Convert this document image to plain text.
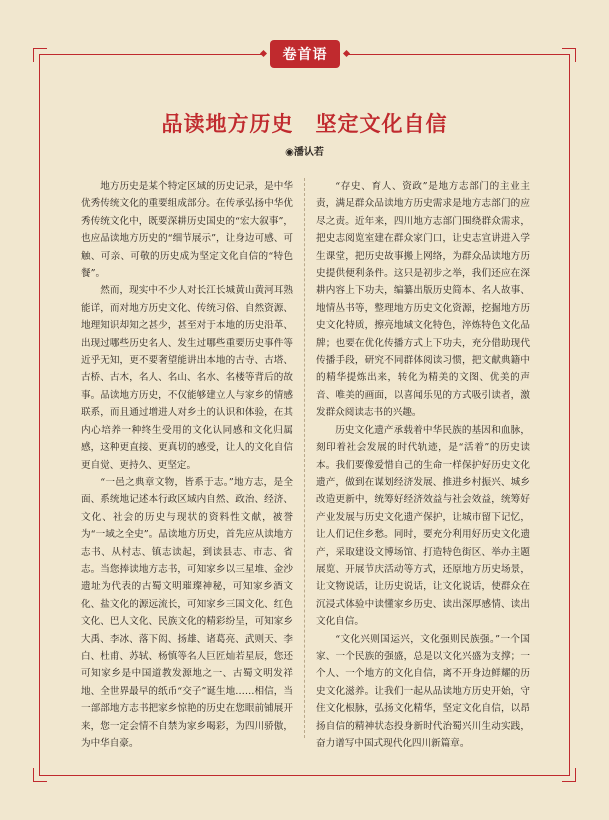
卷首语
品读地方历史　坚定文化自信
◉潘认若

地方历史是某个特定区域的历史记录，是中华优秀传统文化的重要组成部分。在传承弘扬中华优秀传统文化中，既要深耕历史国史的“宏大叙事”，也应品读地方历史的“细节展示”，让身边可感、可触、可亲、可敬的历史成为坚定文化自信的“特色餐”。

然而，现实中不少人对长江长城黄山黄河耳熟能详，而对地方历史文化、传统习俗、自然资源、地理知识却知之甚少，甚至对于本地的历史沿革、出现过哪些历史名人、发生过哪些重要历史事件等近乎无知，更不要奢望能讲出本地的古寺、古塔、古桥、古木，名人、名山、名水、名楼等背后的故事。品读地方历史，不仅能够建立人与家乡的情感联系，而且通过增进人对乡土的认识和体验，在其内心培养一种终生受用的文化认同感和文化归属感，这种更直接、更真切的感受，让人的文化自信更自觉、更持久、更坚定。

“一邑之典章文物，皆系于志。”地方志，是全面、系统地记述本行政区域内自然、政治、经济、文化、社会的历史与现状的资料性文献，被誉为“一域之全史”。品读地方历史，首先应从读地方志书、从村志、镇志读起，到读县志、市志、省志。当您捧读地方志书，可知家乡以三星堆、金沙遗址为代表的古蜀文明璀璨神秘，可知家乡酒文化、盐文化的源远流长，可知家乡三国文化、红色文化、巴人文化、民族文化的精彩纷呈，可知家乡大禹、李冰、落下闳、扬雄、诸葛亮、武则天、李白、杜甫、苏轼、杨慎等名人巨匠灿若星辰，您还可知家乡是中国道教发源地之一、古蜀文明发祥地、全世界最早的纸币“交子”诞生地……相信，当一部部地方志书把家乡惊艳的历史在您眼前铺展开来，您一定会情不自禁为家乡喝彩，为四川骄傲，为中华自豪。

“存史、育人、资政”是地方志部门的主业主责，满足群众品读地方历史需求是地方志部门的应尽之责。近年来，四川地方志部门围绕群众需求，把史志阅览室建在群众家门口，让史志宣讲进入学生课堂，把历史故事搬上网络，为群众品读地方历史提供便利条件。这只是初步之举，我们还应在深耕内容上下功夫，编纂出版历史简本、名人故事、地情丛书等，整理地方历史文化资源，挖掘地方历史文化特质，擦亮地域文化特色，淬炼特色文化品牌；也要在优化传播方式上下功夫，充分借助现代传播手段，研究不同群体阅读习惯，把文献典籍中的精华提炼出来，转化为精美的文图、优美的声音、唯美的画面，以喜闻乐见的方式吸引读者，激发群众阅读志书的兴趣。

历史文化遗产承载着中华民族的基因和血脉，刻印着社会发展的时代轨迹，是“活着”的历史读本。我们要像爱惜自己的生命一样保护好历史文化遗产，做到在谋划经济发展、推进乡村振兴、城乡改造更新中，统筹好经济效益与社会效益，统筹好产业发展与历史文化遗产保护，让城市留下记忆，让人们记住乡愁。同时，要充分利用好历史文化遗产，采取建设文博场馆、打造特色街区、举办主题展览、开展节庆活动等方式，还原地方历史场景，让文物说话，让历史说话，让文化说话，使群众在沉浸式体验中读懂家乡历史、读出深厚感情、读出文化自信。

“文化兴则国运兴，文化强则民族强。”一个国家、一个民族的强盛，总是以文化兴盛为支撑；一个人、一个地方的文化自信，离不开身边鲜耀的历史文化滋养。让我们一起从品读地方历史开始，守住文化根脉，弘扬文化精华，坚定文化自信，以昂扬自信的精神状态投身新时代治蜀兴川生动实践，奋力谱写中国式现代化四川新篇章。
